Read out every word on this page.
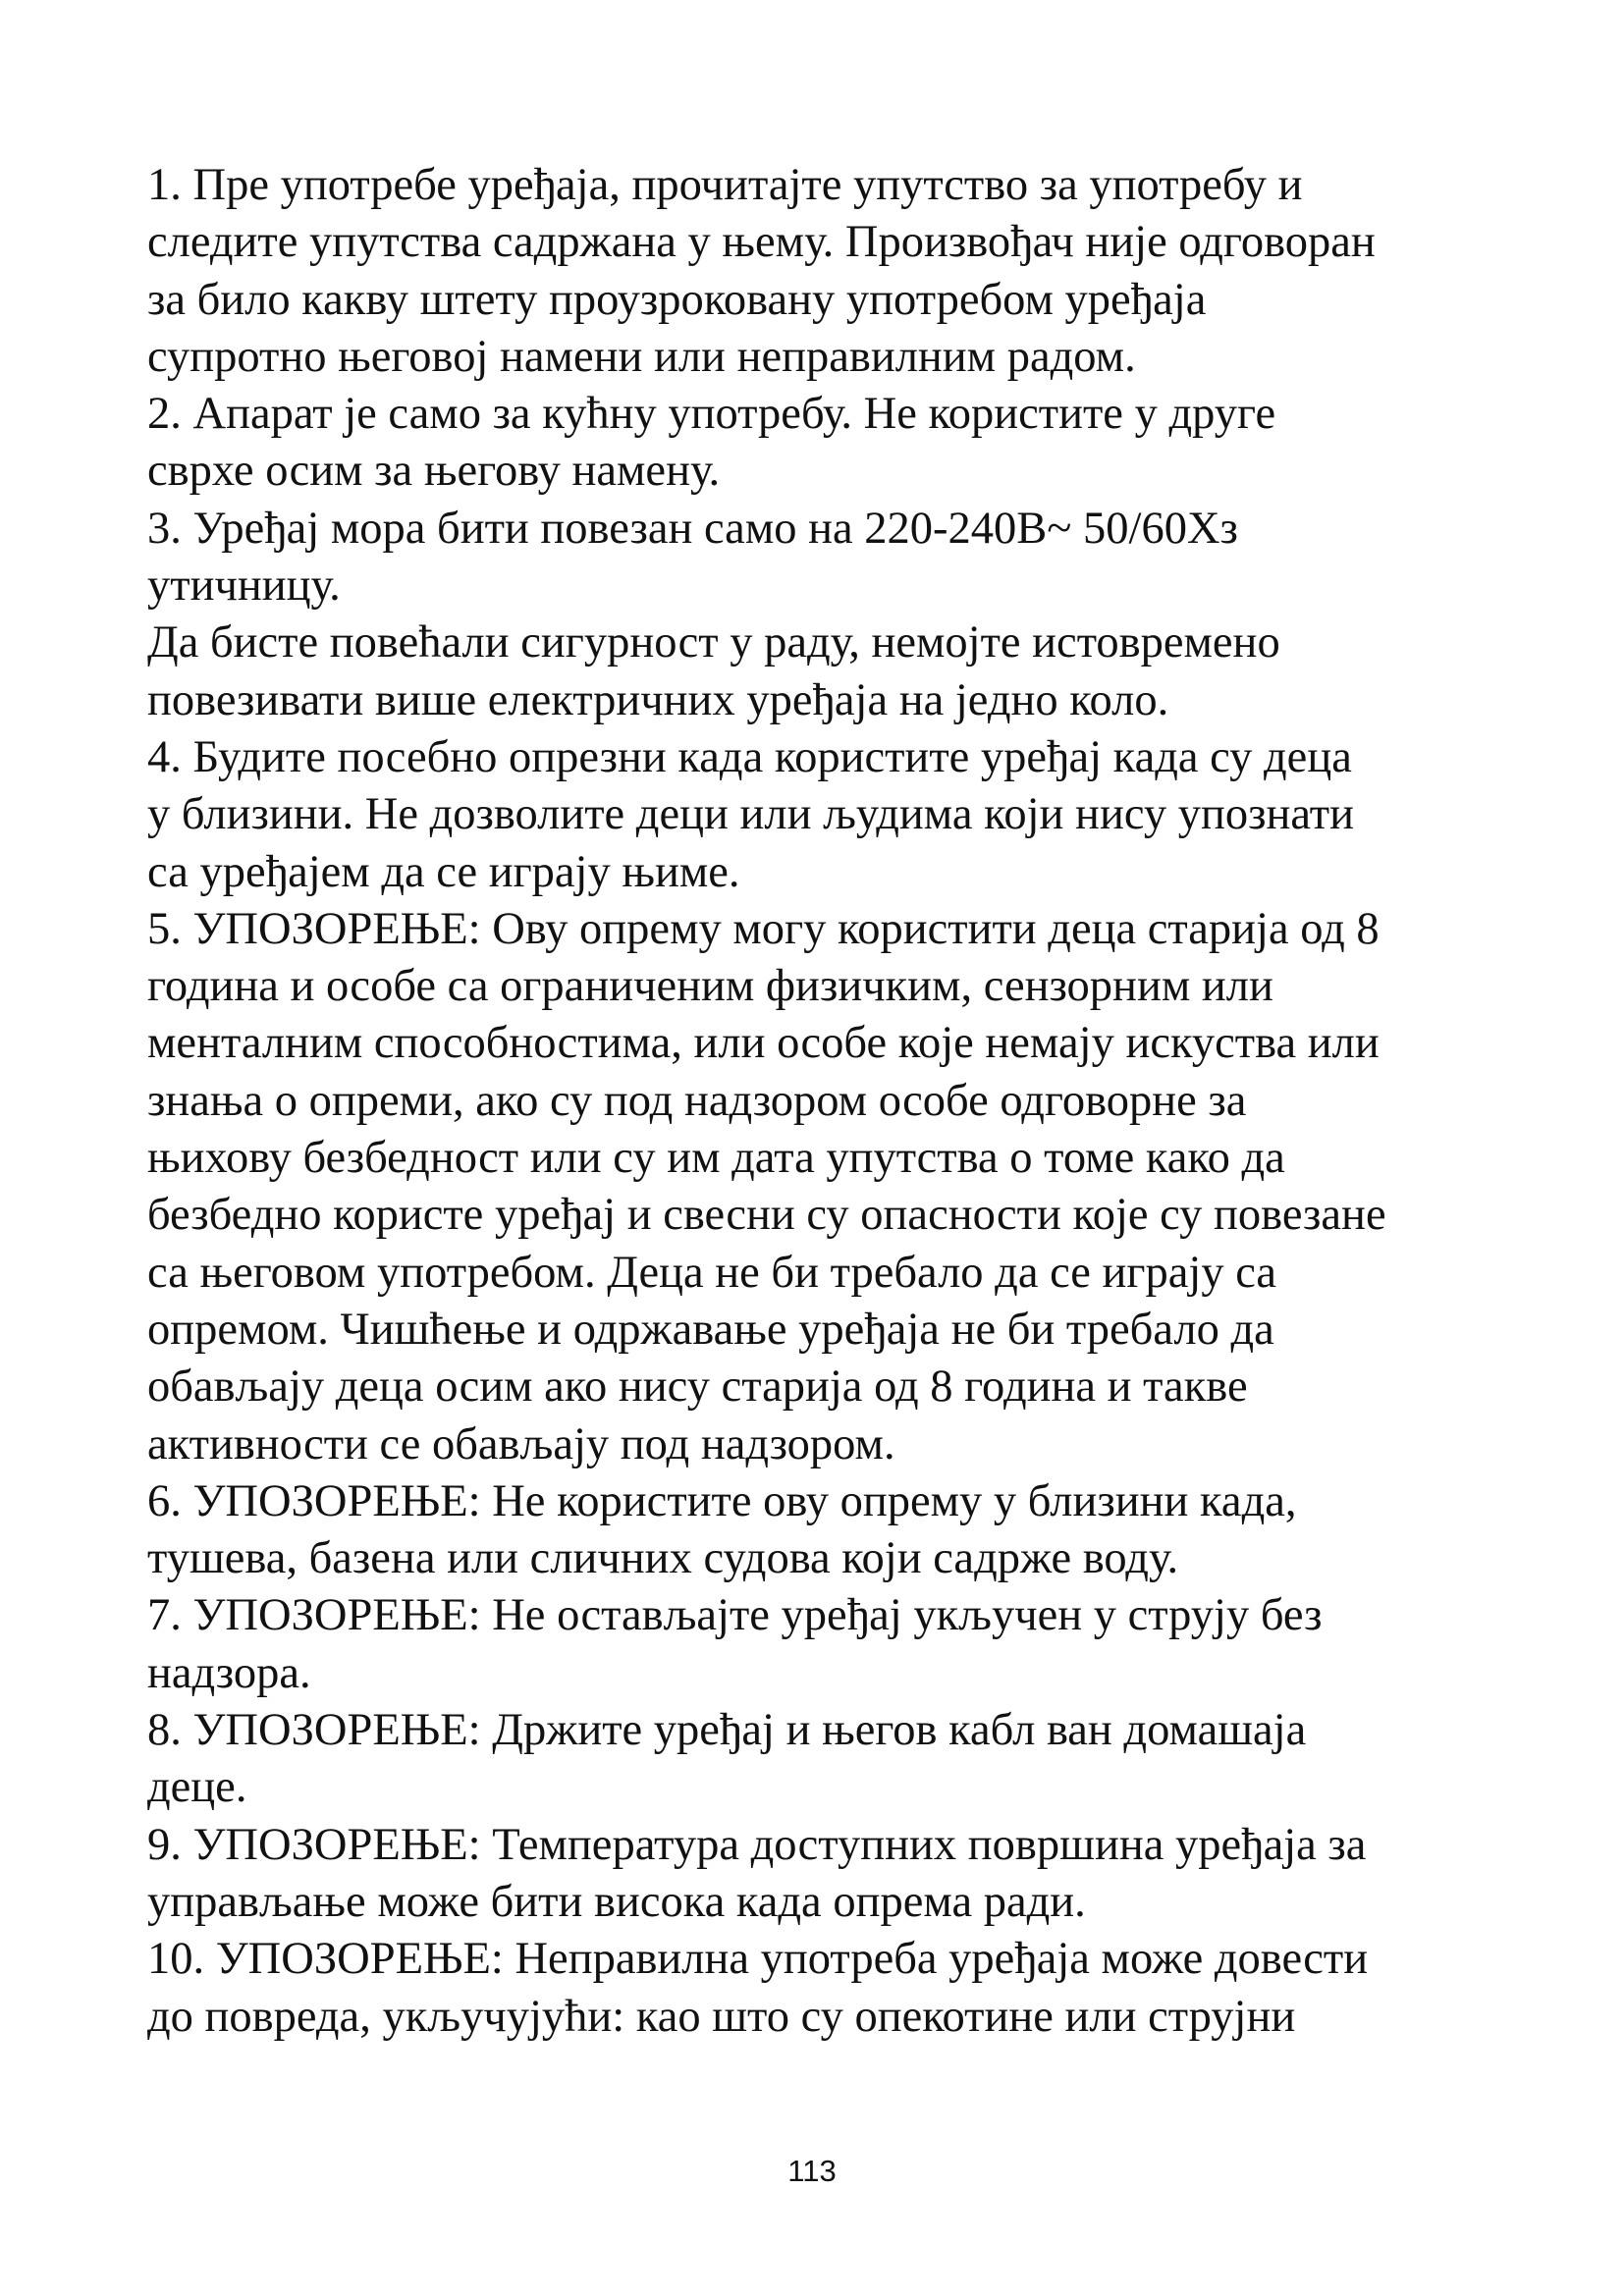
1. Пре употребе уређаја, прочитајте упутство за употребу и
следите упутства садржана у њему. Произвођач није одговоран
за било какву штету проузроковану употребом уређаја
супротно његовој намени или неправилним радом.
2. Апарат је само за кућну употребу. Не користите у друге
сврхе осим за његову намену.
3. Уређај мора бити повезан само на 220-240В~ 50/60Хз
утичницу.
Да бисте повећали сигурност у раду, немојте истовремено
повезивати више електричних уређаја на једно коло.
4. Будите посебно опрезни када користите уређај када су деца
у близини. Не дозволите деци или људима који нису упознати
са уређајем да се играју њиме.
5. УПОЗОРЕЊЕ: Ову опрему могу користити деца старија од 8
година и особе са ограниченим физичким, сензорним или
менталним способностима, или особе које немају искуства или
знања о опреми, ако су под надзором особе одговорне за
њихову безбедност или су им дата упутства о томе како да
безбедно користе уређај и свесни су опасности које су повезане
са његовом употребом. Деца не би требало да се играју са
опремом. Чишћење и одржавање уређаја не би требало да
обављају деца осим ако нису старија од 8 година и такве
активности се обављају под надзором.
6. УПОЗОРЕЊЕ: Не користите ову опрему у близини када,
тушева, базена или сличних судова који садрже воду.
7. УПОЗОРЕЊЕ: Не остављајте уређај укључен у струју без
надзора.
8. УПОЗОРЕЊЕ: Држите уређај и његов кабл ван домашаја
деце.
9. УПОЗОРЕЊЕ: Температура доступних површина уређаја за
управљање може бити висока када опрема ради.
10. УПОЗОРЕЊЕ: Неправилна употреба уређаја може довести
до повреда, укључујући: као што су опекотине или струјни
113
